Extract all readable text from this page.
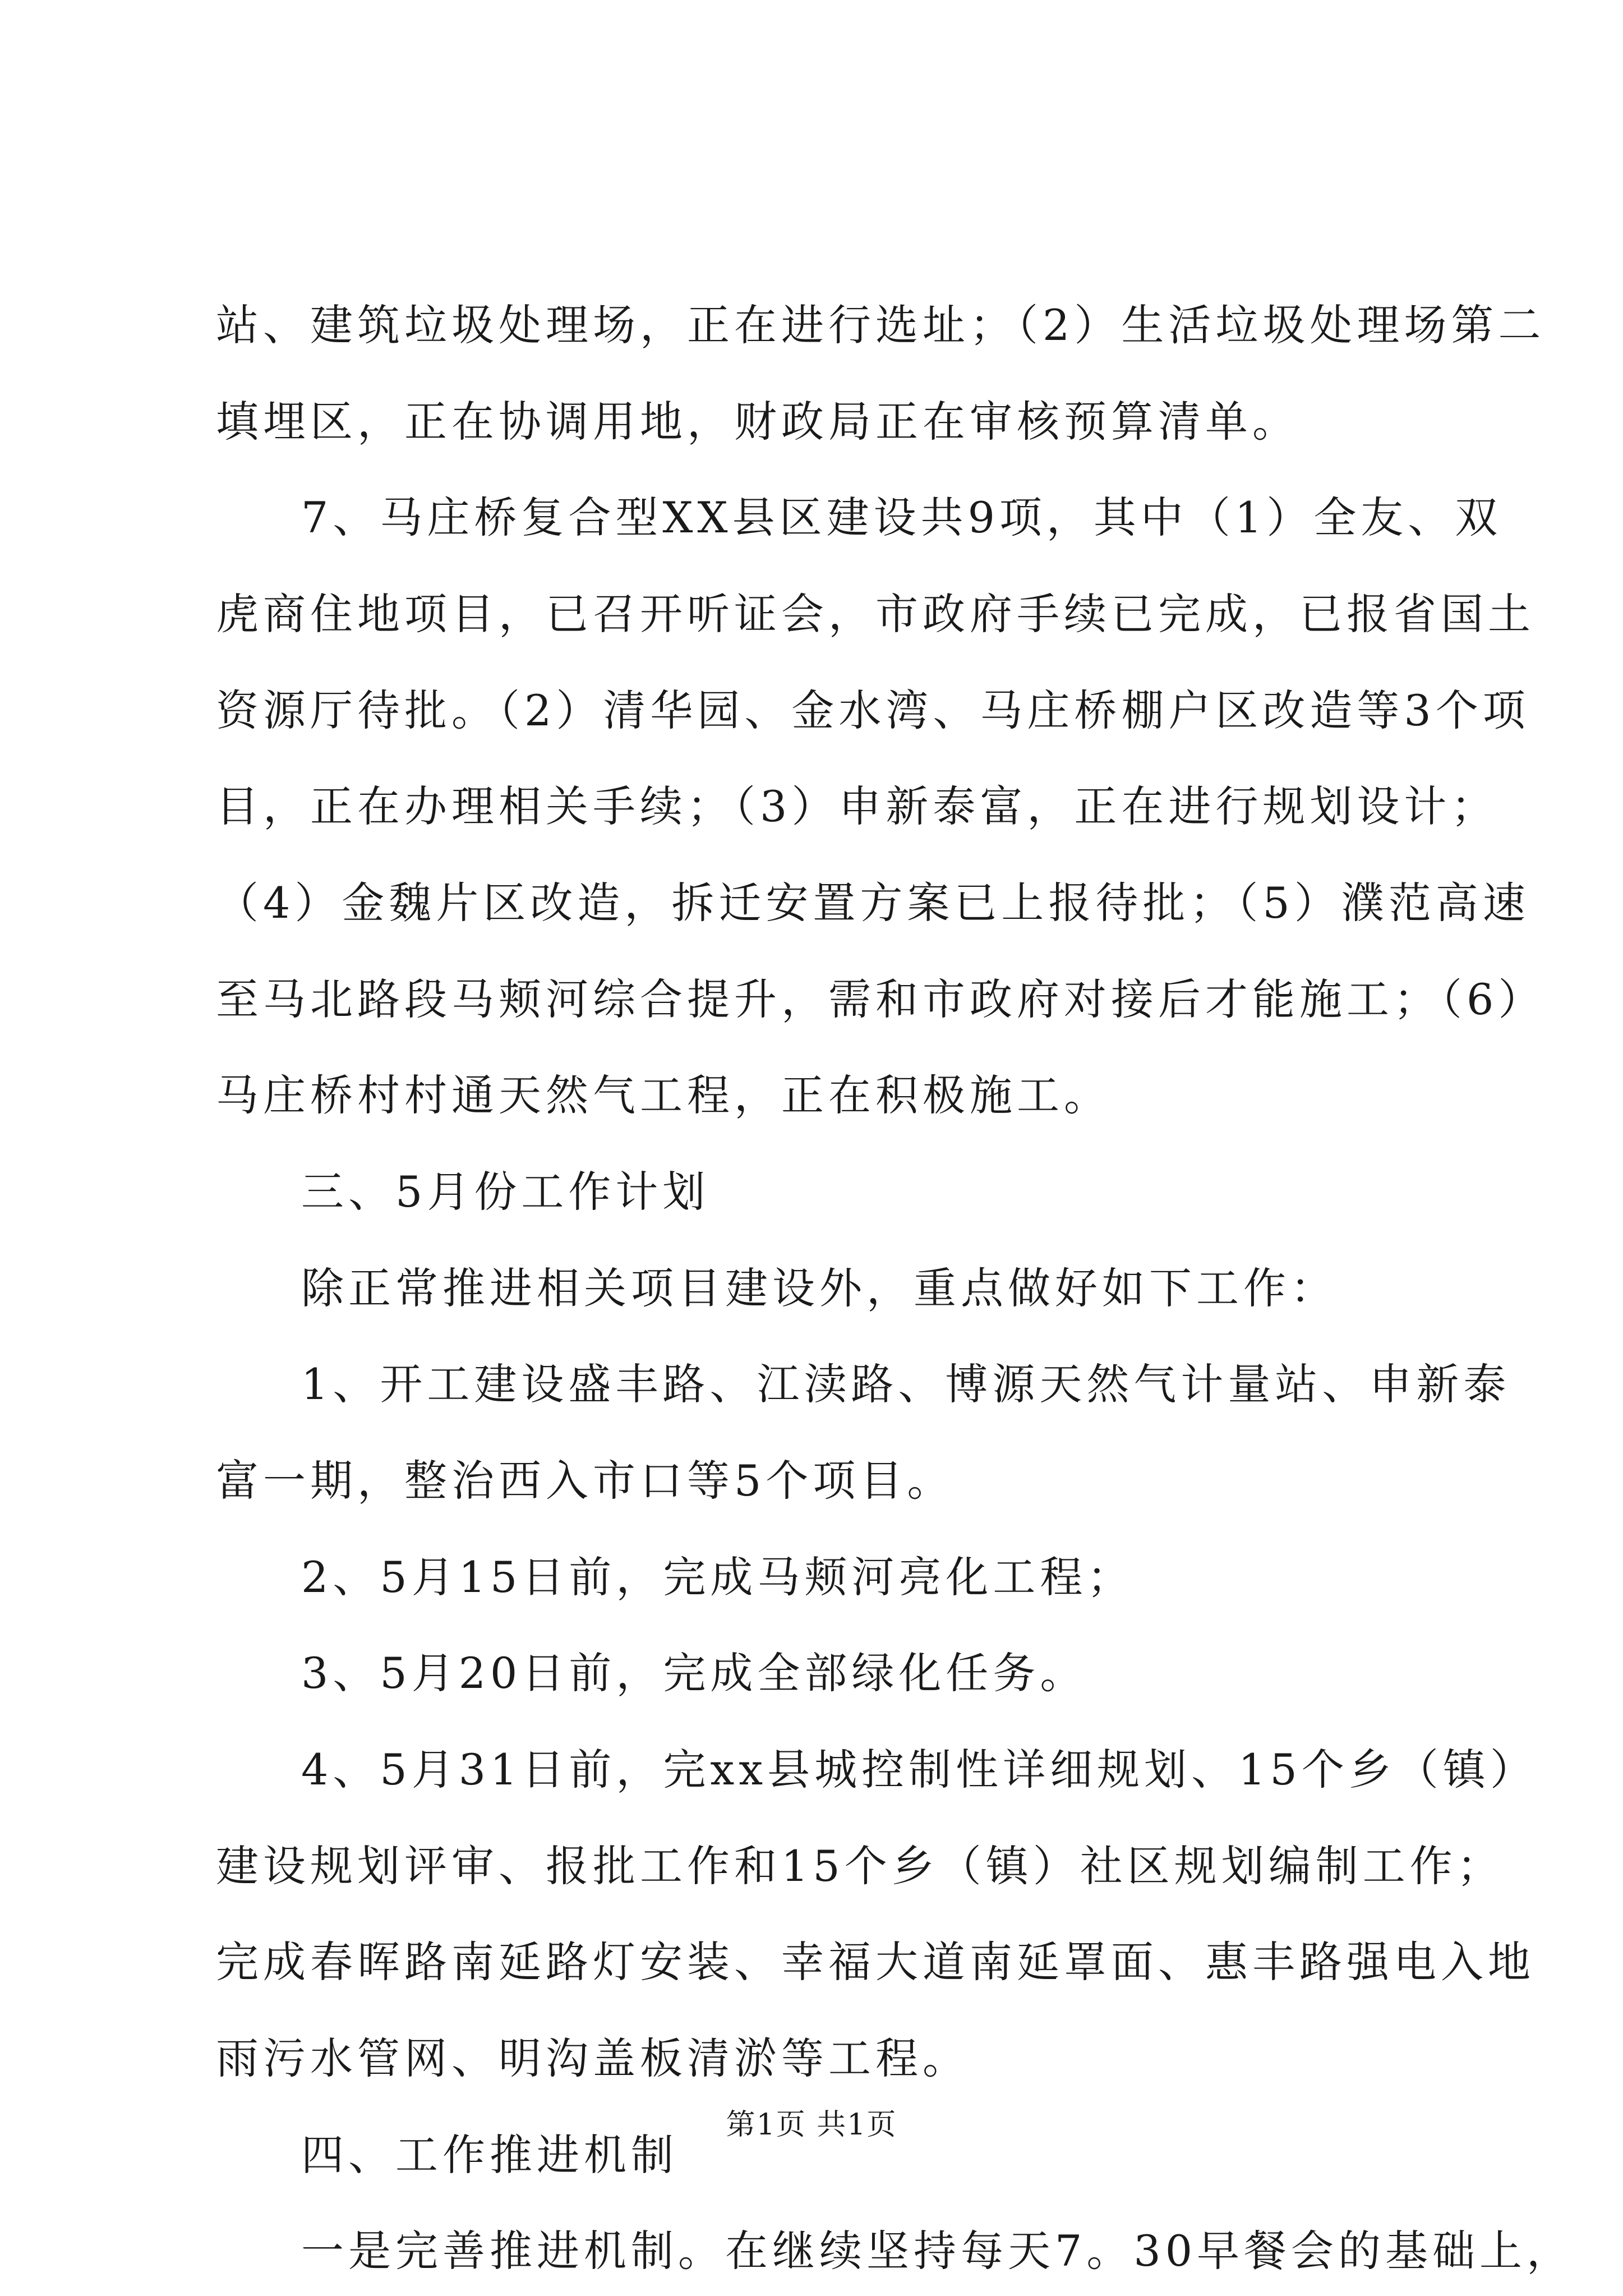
站、建筑垃圾处理场，正在进行选址；（2）生活垃圾处理场第二
填埋区，正在协调用地，财政局正在审核预算清单。
7、马庄桥复合型XX县区建设共9项，其中（1）全友、双
虎商住地项目，已召开听证会，市政府手续已完成，已报省国土
资源厅待批。（2）清华园、金水湾、马庄桥棚户区改造等3个项
目，正在办理相关手续；（3）申新泰富，正在进行规划设计；
（4）金魏片区改造，拆迁安置方案已上报待批；（5）濮范高速
至马北路段马颊河综合提升，需和市政府对接后才能施工；（6）
马庄桥村村通天然气工程，正在积极施工。
三、5月份工作计划
除正常推进相关项目建设外，重点做好如下工作：
1、开工建设盛丰路、江渎路、博源天然气计量站、申新泰
富一期，整治西入市口等5个项目。
2、5月15日前，完成马颊河亮化工程；
3、5月20日前，完成全部绿化任务。
4、5月31日前，完xx县城控制性详细规划、15个乡（镇）
建设规划评审、报批工作和15个乡（镇）社区规划编制工作；
完成春晖路南延路灯安装、幸福大道南延罩面、惠丰路强电入地
雨污水管网、明沟盖板清淤等工程。
四、工作推进机制
一是完善推进机制。在继续坚持每天7。30早餐会的基础上，
第1页 共1页
